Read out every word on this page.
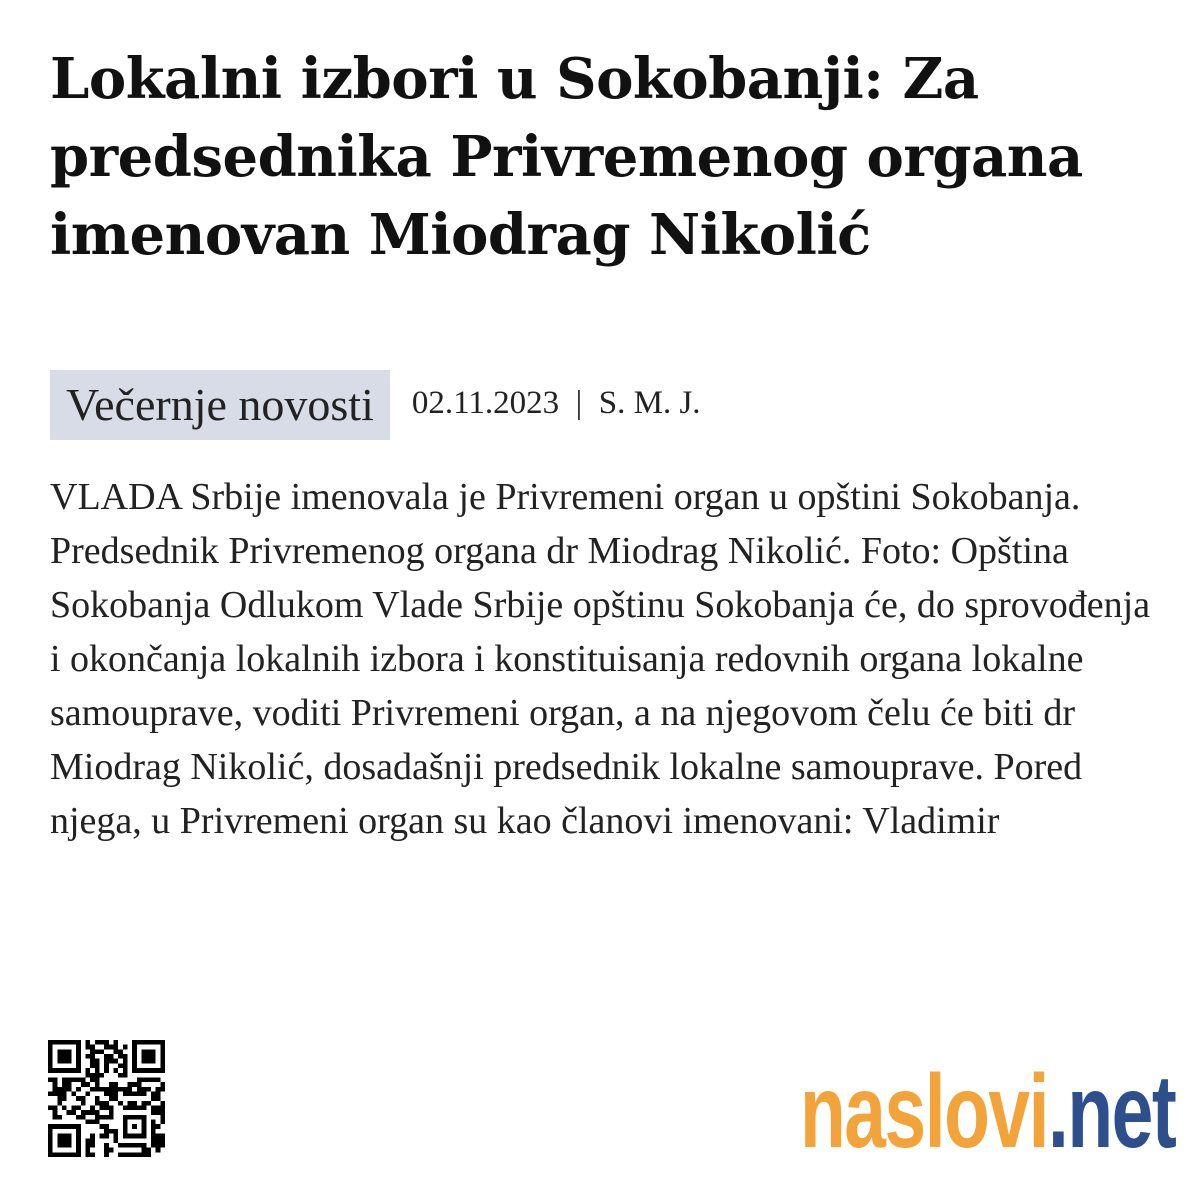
Lokalni izbori u Sokobanji: Za predsednika Privremenog organa imenovan Miodrag Nikolić
Večernje novosti	02.11.2023 | S. M. J.

VLADA Srbije imenovala je Privremeni organ u opštini Sokobanja. Predsednik Privremenog organa dr Miodrag Nikolić. Foto: Opština Sokobanja Odlukom Vlade Srbije opštinu Sokobanja će, do sprovođenja i okončanja lokalnih izbora i konstituisanja redovnih organa lokalne samouprave, voditi Privremeni organ, a na njegovom čelu će biti dr Miodrag Nikolić, dosadašnji predsednik lokalne samouprave. Pored njega, u Privremeni organ su kao članovi imenovani: Vladimir

naslovi.net
